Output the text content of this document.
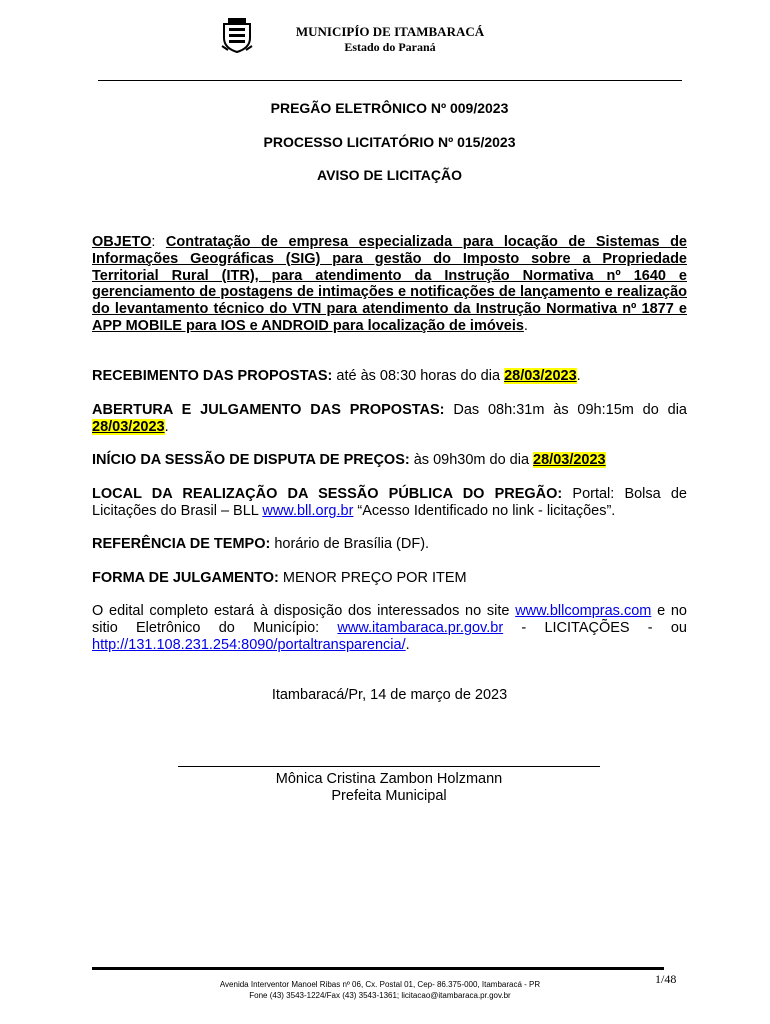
MUNICIPÍO DE ITAMBARACÁ
Estado do Paraná
PREGÃO ELETRÔNICO Nº 009/2023
PROCESSO LICITATÓRIO Nº 015/2023
AVISO DE LICITAÇÃO
OBJETO: Contratação de empresa especializada para locação de Sistemas de Informações Geográficas (SIG) para gestão do Imposto sobre a Propriedade Territorial Rural (ITR), para atendimento da Instrução Normativa nº 1640 e gerenciamento de postagens de intimações e notificações de lançamento e realização do levantamento técnico do VTN para atendimento da Instrução Normativa nº 1877 e APP MOBILE para IOS e ANDROID para localização de imóveis.
RECEBIMENTO DAS PROPOSTAS: até às 08:30 horas do dia 28/03/2023.
ABERTURA E JULGAMENTO DAS PROPOSTAS: Das 08h:31m às 09h:15m do dia 28/03/2023.
INÍCIO DA SESSÃO DE DISPUTA DE PREÇOS: às 09h30m do dia 28/03/2023
LOCAL DA REALIZAÇÃO DA SESSÃO PÚBLICA DO PREGÃO: Portal: Bolsa de Licitações do Brasil – BLL www.bll.org.br “Acesso Identificado no link - licitações”.
REFERÊNCIA DE TEMPO: horário de Brasília (DF).
FORMA DE JULGAMENTO: MENOR PREÇO POR ITEM
O edital completo estará à disposição dos interessados no site www.bllcompras.com e no sitio Eletrônico do Município: www.itambaraca.pr.gov.br - LICITAÇÕES - ou http://131.108.231.254:8090/portaltransparencia/.
Itambaracá/Pr, 14 de março de 2023
Mônica Cristina Zambon Holzmann
Prefeita Municipal
1/48
Avenida Interventor Manoel Ribas nº 06, Cx. Postal 01, Cep- 86.375-000, Itambaracá - PR
Fone (43) 3543-1224/Fax (43) 3543-1361; licitacao@itambaraca.pr.gov.br
